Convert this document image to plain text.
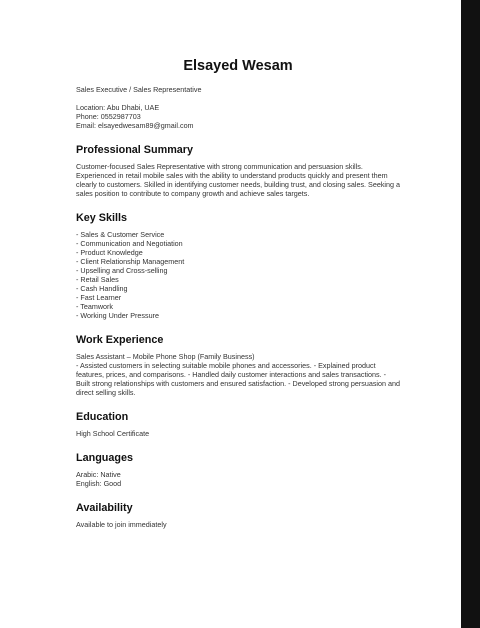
Elsayed Wesam
Sales Executive / Sales Representative
Location: Abu Dhabi, UAE
Phone: 0552987703
Email: elsayedwesam89@gmail.com
Professional Summary
Customer-focused Sales Representative with strong communication and persuasion skills. Experienced in retail mobile sales with the ability to understand products quickly and present them clearly to customers. Skilled in identifying customer needs, building trust, and closing sales. Seeking a sales position to contribute to company growth and achieve sales targets.
Key Skills
- Sales & Customer Service
- Communication and Negotiation
- Product Knowledge
- Client Relationship Management
- Upselling and Cross-selling
- Retail Sales
- Cash Handling
- Fast Learner
- Teamwork
- Working Under Pressure
Work Experience
Sales Assistant – Mobile Phone Shop (Family Business)
- Assisted customers in selecting suitable mobile phones and accessories. - Explained product features, prices, and comparisons. - Handled daily customer interactions and sales transactions. - Built strong relationships with customers and ensured satisfaction. - Developed strong persuasion and direct selling skills.
Education
High School Certificate
Languages
Arabic: Native
English: Good
Availability
Available to join immediately
